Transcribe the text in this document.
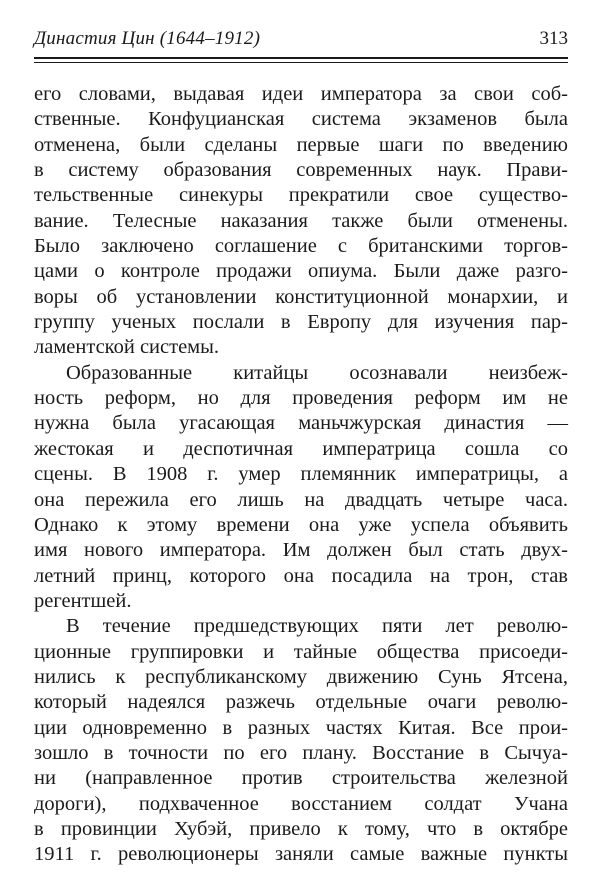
Династия Цин (1644–1912)	313
его словами, выдавая идеи императора за свои соб-
ственные. Конфуцианская система экзаменов была
отменена, были сделаны первые шаги по введению
в систему образования современных наук. Прави-
тельственные синекуры прекратили свое существо-
вание. Телесные наказания также были отменены.
Было заключено соглашение с британскими торгов-
цами о контроле продажи опиума. Были даже разго-
воры об установлении конституционной монархии, и
группу ученых послали в Европу для изучения пар-
ламентской системы.
Образованные китайцы осознавали неизбеж-
ность реформ, но для проведения реформ им не
нужна была угасающая маньчжурская династия —
жестокая и деспотичная императрица сошла со
сцены. В 1908 г. умер племянник императрицы, а
она пережила его лишь на двадцать четыре часа.
Однако к этому времени она уже успела объявить
имя нового императора. Им должен был стать двух-
летний принц, которого она посадила на трон, став
регентшей.
В течение предшедствующих пяти лет револю-
ционные группировки и тайные общества присоеди-
нились к республиканскому движению Сунь Ятсена,
который надеялся разжечь отдельные очаги револю-
ции одновременно в разных частях Китая. Все прои-
зошло в точности по его плану. Восстание в Сычуа-
ни (направленное против строительства железной
дороги), подхваченное восстанием солдат Учана
в провинции Хубэй, привело к тому, что в октябре
1911 г. революционеры заняли самые важные пункты
